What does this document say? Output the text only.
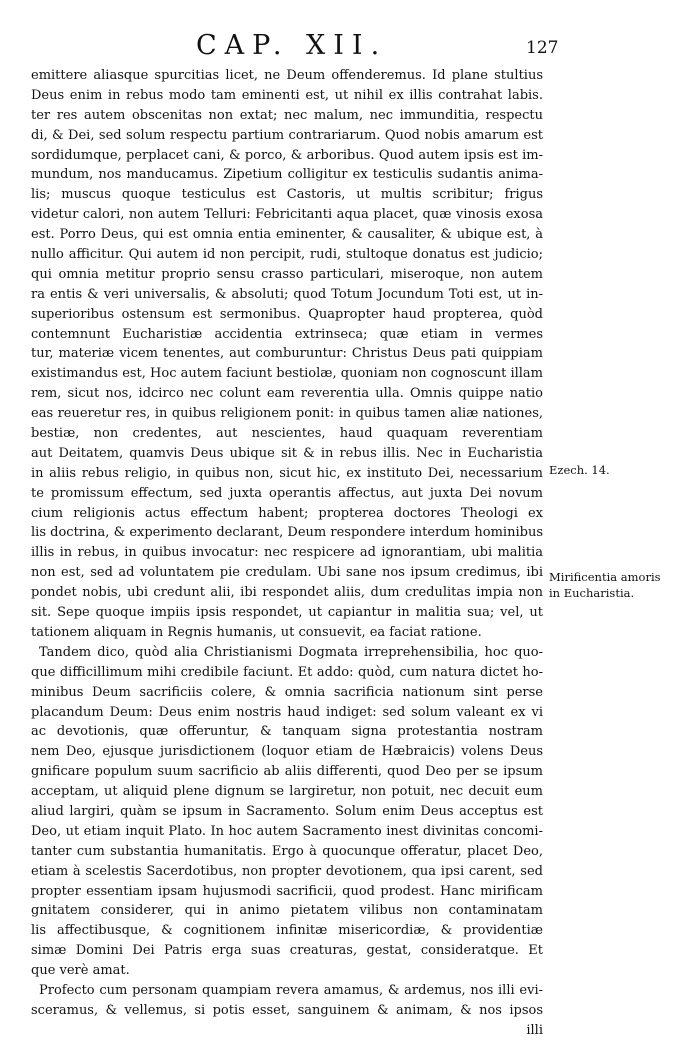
CAP. XII.	127
emittere aliasque spurcitias licet, ne Deum offenderemus. Id plane stultius
Deus enim in rebus modo tam eminenti est, ut nihil ex illis contrahat labis.
ter res autem obscenitas non extat; nec malum, nec immunditia, respectu
di, & Dei, sed solum respectu partium contrariarum. Quod nobis amarum est
sordidumque, perplacet cani, & porco, & arboribus. Quod autem ipsis est im-
mundum, nos manducamus. Zipetium colligitur ex testiculis sudantis anima-
lis; muscus quoque testiculus est Castoris, ut multis scribitur; frigus
videtur calori, non autem Telluri: Febricitanti aqua placet, quæ vinosis exosa
est. Porro Deus, qui est omnia entia eminenter, & causaliter, & ubique est, à
nullo afficitur. Qui autem id non percipit, rudi, stultoque donatus est judicio;
qui omnia metitur proprio sensu crasso particulari, miseroque, non autem
ra entis & veri universalis, & absoluti; quod Totum Jocundum Toti est, ut in-
superioribus ostensum est sermonibus. Quapropter haud propterea, quòd
contemnunt Eucharistiæ accidentia extrinseca; quæ etiam in vermes
tur, materiæ vicem tenentes, aut comburuntur: Christus Deus pati quippiam
existimandus est, Hoc autem faciunt bestiolæ, quoniam non cognoscunt illam
rem, sicut nos, idcirco nec colunt eam reverentia ulla. Omnis quippe natio
eas reueretur res, in quibus religionem ponit: in quibus tamen aliæ nationes,
bestiæ, non credentes, aut nescientes, haud quaquam reverentiam
aut Deitatem, quamvis Deus ubique sit & in rebus illis. Nec in Eucharistia
in aliis rebus religio, in quibus non, sicut hic, ex instituto Dei, necessarium
te promissum effectum, sed juxta operantis affectus, aut juxta Dei novum
cium religionis actus effectum habent; propterea doctores Theologi ex
lis doctrina, & experimento declarant, Deum respondere interdum hominibus
illis in rebus, in quibus invocatur: nec respicere ad ignorantiam, ubi malitia
non est, sed ad voluntatem pie credulam. Ubi sane nos ipsum credimus, ibi
pondet nobis, ubi credunt alii, ibi respondet aliis, dum credulitas impia non
sit. Sepe quoque impiis ipsis respondet, ut capiantur in malitia sua; vel, ut
tationem aliquam in Regnis humanis, ut consuevit, ea faciat ratione.
Tandem dico, quòd alia Christianismi Dogmata irreprehensibilia, hoc quo-
que difficillimum mihi credibile faciunt. Et addo: quòd, cum natura dictet ho-
minibus Deum sacrificiis colere, & omnia sacrificia nationum sint perse
placandum Deum: Deus enim nostris haud indiget: sed solum valeant ex vi
ac devotionis, quæ offeruntur, & tanquam signa protestantia nostram
nem Deo, ejusque jurisdictionem (loquor etiam de Hæbraicis) volens Deus
gnificare populum suum sacrificio ab aliis differenti, quod Deo per se ipsum
acceptam, ut aliquid plene dignum se largiretur, non potuit, nec decuit eum
aliud largiri, quàm se ipsum in Sacramento. Solum enim Deus acceptus est
Deo, ut etiam inquit Plato. In hoc autem Sacramento inest divinitas concomi-
tanter cum substantia humanitatis. Ergo à quocunque offeratur, placet Deo,
etiam à scelestis Sacerdotibus, non propter devotionem, qua ipsi carent, sed
propter essentiam ipsam hujusmodi sacrificii, quod prodest. Hanc mirificam
gnitatem considerer, qui in animo pietatem vilibus non contaminatam
lis affectibusque, & cognitionem infinitæ misericordiæ, & providentiæ
simæ Domini Dei Patris erga suas creaturas, gestat, consideratque. Et
que verè amat.
Profecto cum personam quampiam revera amamus, & ardemus, nos illi evi-
sceramus, & vellemus, si potis esset, sanguinem & animam, & nos ipsos
illi
Ezech. 14.
Mirificentia amoris
in Eucharistia.
